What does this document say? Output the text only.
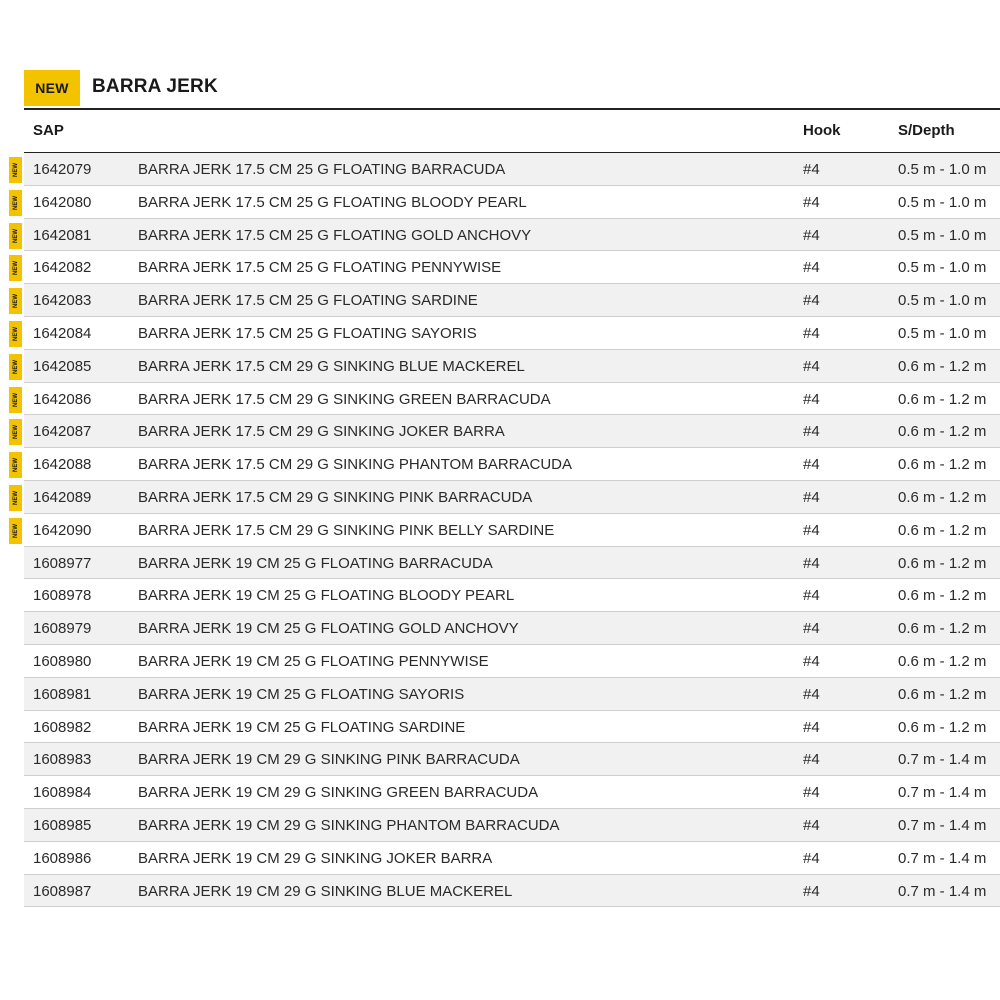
NEW	BARRA JERK
SAP	Hook	S/Depth
1642079	BARRA JERK 17.5 CM 25 G FLOATING BARRACUDA	#4	0.5 m - 1.0 m
NEW
1642080	BARRA JERK 17.5 CM 25 G FLOATING BLOODY PEARL	#4	0.5 m - 1.0 m
NEW
1642081	BARRA JERK 17.5 CM 25 G FLOATING GOLD ANCHOVY	#4	0.5 m - 1.0 m
NEW
1642082	BARRA JERK 17.5 CM 25 G FLOATING PENNYWISE	#4	0.5 m - 1.0 m
NEW
1642083	BARRA JERK 17.5 CM 25 G FLOATING SARDINE	#4	0.5 m - 1.0 m
NEW
1642084	BARRA JERK 17.5 CM 25 G FLOATING SAYORIS	#4	0.5 m - 1.0 m
NEW
1642085	BARRA JERK 17.5 CM 29 G SINKING BLUE MACKEREL	#4	0.6 m - 1.2 m
NEW
1642086	BARRA JERK 17.5 CM 29 G SINKING GREEN BARRACUDA	#4	0.6 m - 1.2 m
NEW
1642087	BARRA JERK 17.5 CM 29 G SINKING JOKER BARRA	#4	0.6 m - 1.2 m
NEW
1642088	BARRA JERK 17.5 CM 29 G SINKING PHANTOM BARRACUDA	#4	0.6 m - 1.2 m
NEW
1642089	BARRA JERK 17.5 CM 29 G SINKING PINK BARRACUDA	#4	0.6 m - 1.2 m
NEW
1642090	BARRA JERK 17.5 CM 29 G SINKING PINK BELLY SARDINE	#4	0.6 m - 1.2 m
NEW
1608977	BARRA JERK 19 CM 25 G FLOATING BARRACUDA	#4	0.6 m - 1.2 m
1608978	BARRA JERK 19 CM 25 G FLOATING BLOODY PEARL	#4	0.6 m - 1.2 m
1608979	BARRA JERK 19 CM 25 G FLOATING GOLD ANCHOVY	#4	0.6 m - 1.2 m
1608980	BARRA JERK 19 CM 25 G FLOATING PENNYWISE	#4	0.6 m - 1.2 m
1608981	BARRA JERK 19 CM 25 G FLOATING SAYORIS	#4	0.6 m - 1.2 m
1608982	BARRA JERK 19 CM 25 G FLOATING SARDINE	#4	0.6 m - 1.2 m
1608983	BARRA JERK 19 CM 29 G SINKING PINK BARRACUDA	#4	0.7 m - 1.4 m
1608984	BARRA JERK 19 CM 29 G SINKING GREEN BARRACUDA	#4	0.7 m - 1.4 m
1608985	BARRA JERK 19 CM 29 G SINKING PHANTOM BARRACUDA	#4	0.7 m - 1.4 m
1608986	BARRA JERK 19 CM 29 G SINKING JOKER BARRA	#4	0.7 m - 1.4 m
1608987	BARRA JERK 19 CM 29 G SINKING BLUE MACKEREL	#4	0.7 m - 1.4 m
